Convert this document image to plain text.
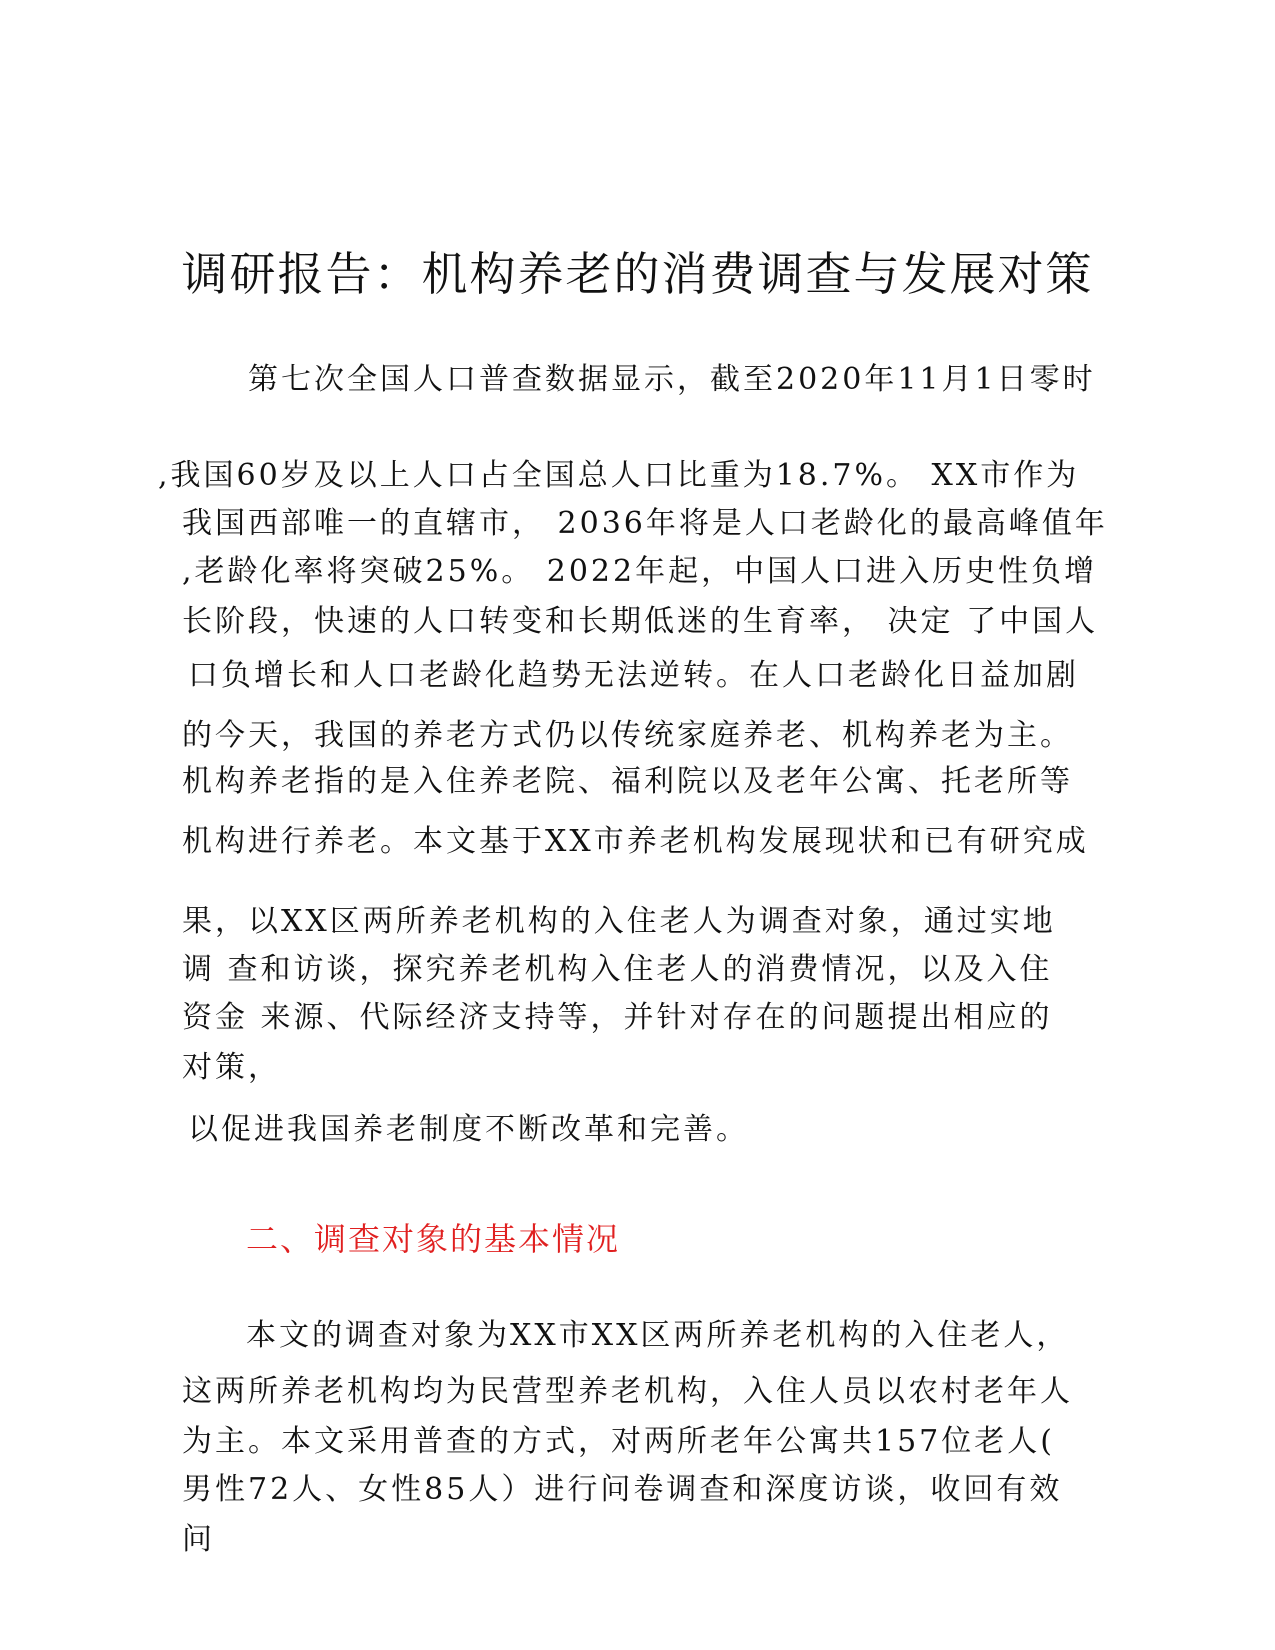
调研报告：机构养老的消费调查与发展对策
第七次全国人口普查数据显示，截至2020年11月1日零时
,我国60岁及以上人口占全国总人口比重为18.7%。 XX市作为
我国西部唯一的直辖市， 2036年将是人口老龄化的最高峰值年
,老龄化率将突破25%。 2022年起，中国人口进入历史性负增
长阶段，快速的人口转变和长期低迷的生育率， 决定 了中国人
口负增长和人口老龄化趋势无法逆转。在人口老龄化日益加剧
的今天，我国的养老方式仍以传统家庭养老、机构养老为主。
机构养老指的是入住养老院、福利院以及老年公寓、托老所等
机构进行养老。本文基于XX市养老机构发展现状和已有研究成
果，以XX区两所养老机构的入住老人为调查对象，通过实地
调 查和访谈，探究养老机构入住老人的消费情况，以及入住
资金 来源、代际经济支持等，并针对存在的问题提出相应的
对策，
以促进我国养老制度不断改革和完善。
二、调查对象的基本情况
本文的调查对象为XX市XX区两所养老机构的入住老人，
这两所养老机构均为民营型养老机构，入住人员以农村老年人
为主。本文采用普查的方式，对两所老年公寓共157位老人(
男性72人、女性85人）进行问卷调查和深度访谈，收回有效
问
